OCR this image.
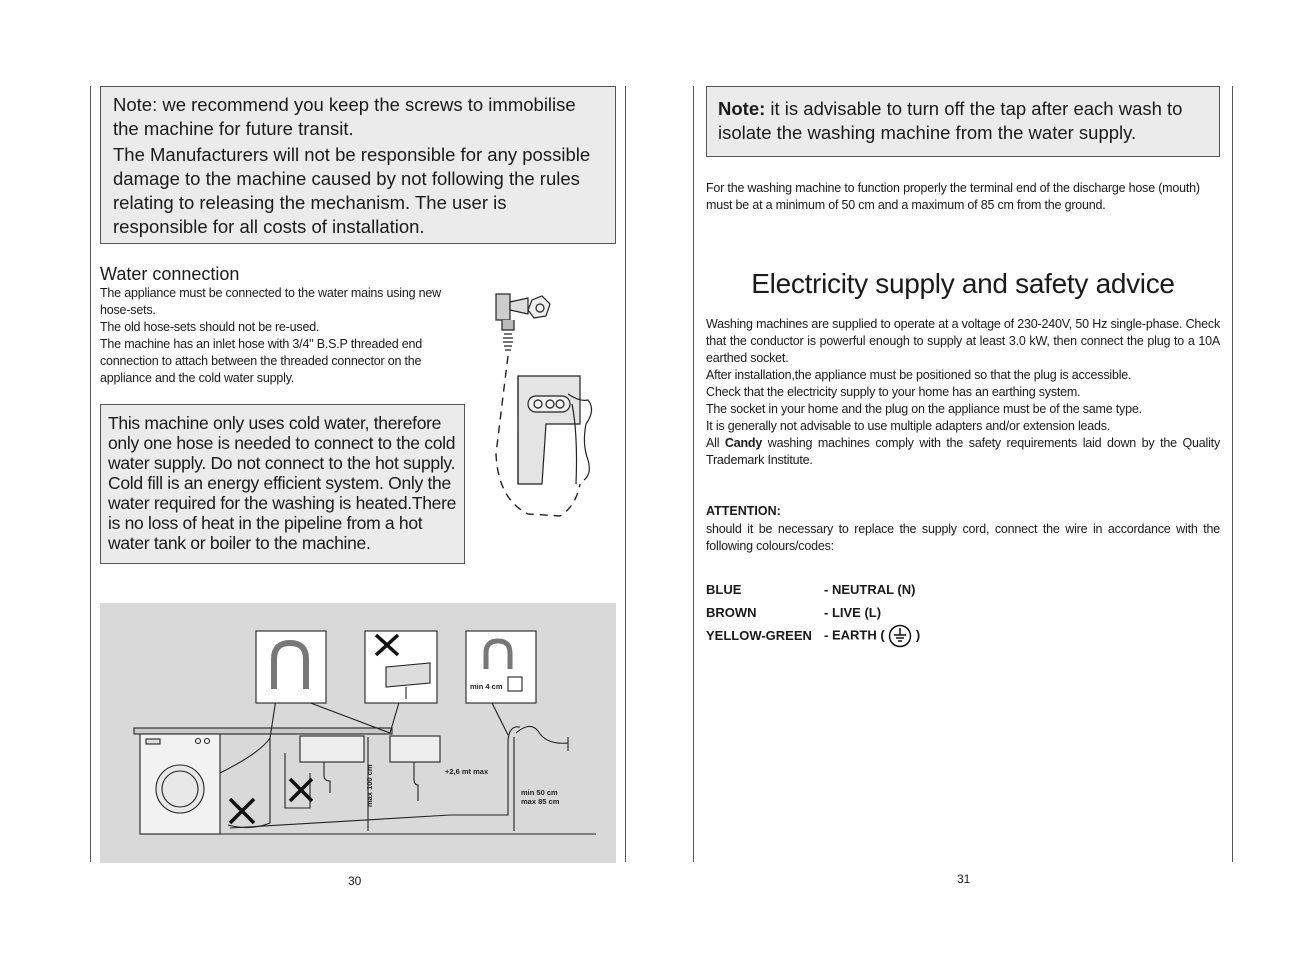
Note: we recommend you keep the screws to immobilise the machine for future transit.

The Manufacturers will not be responsible for any possible damage to the machine caused by not following the rules relating to releasing the mechanism. The user is responsible for all costs of installation.

Water connection
The appliance must be connected to the water mains using new hose-sets.
The old hose-sets should not be re-used.
The machine has an inlet hose with 3/4" B.S.P threaded end connection to attach between the threaded connector on the appliance and the cold water supply.
This machine only uses cold water, therefore only one hose is needed to connect to the cold water supply. Do not connect to the hot supply. Cold fill is an energy efficient system. Only the water required for the washing is heated.There is no loss of heat in the pipeline from a hot water tank or boiler to the machine.
min 4 cm
max 100 cm	+2,6 mt max
min 50 cm
max 85 cm
30
Note: it is advisable to turn off the tap after each wash to isolate the washing machine from the water supply.
For the washing machine to function properly the terminal end of the discharge hose (mouth) must be at a minimum of 50 cm and a maximum of 85 cm from the ground.
Electricity supply and safety advice
Washing machines are supplied to operate at a voltage of 230-240V, 50 Hz single-phase. Check that the conductor is powerful enough to supply at least 3.0 kW, then connect the plug to a 10A earthed socket.
After installation,the appliance must be positioned so that the plug is accessible.
Check that the electricity supply to your home has an earthing system.
The socket in your home and the plug on the appliance must be of the same type.
It is generally not advisable to use multiple adapters and/or extension leads.
All Candy washing machines comply with the safety requirements laid down by the Quality Trademark Institute.
ATTENTION:
should it be necessary to replace the supply cord, connect the wire in accordance with the following colours/codes:
BLUE	- NEUTRAL (N)
BROWN	- LIVE (L)
YELLOW-GREEN - EARTH (  )
31
